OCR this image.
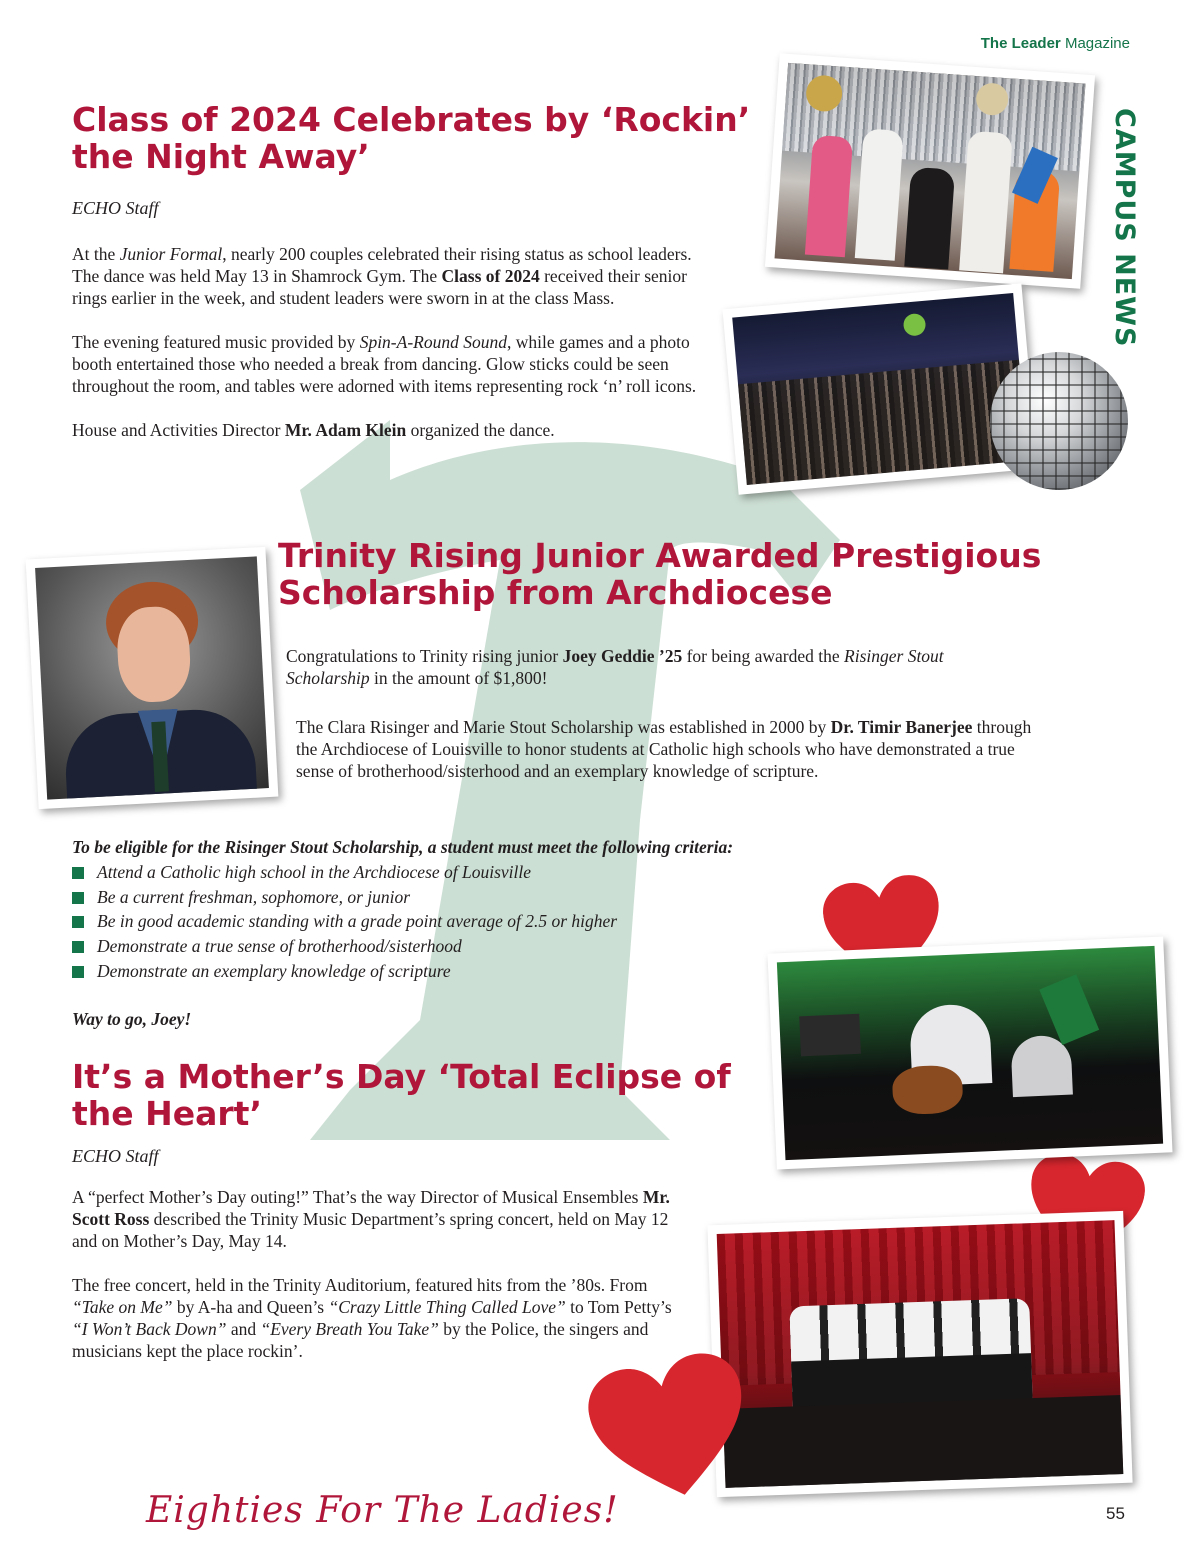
The Leader Magazine
CAMPUS NEWS
Class of 2024 Celebrates by ‘Rockin’
the Night Away’
ECHO Staff

At the Junior Formal, nearly 200 couples celebrated their rising status as school leaders. The dance was held May 13 in Shamrock Gym. The Class of 2024 received their senior rings earlier in the week, and student leaders were sworn in at the class Mass.

The evening featured music provided by Spin-A-Round Sound, while games and a photo booth entertained those who needed a break from dancing. Glow sticks could be seen throughout the room, and tables were adorned with items representing rock ‘n’ roll icons.

House and Activities Director Mr. Adam Klein organized the dance.

Trinity Rising Junior Awarded Prestigious
Scholarship from Archdiocese

Congratulations to Trinity rising junior Joey Geddie ’25 for being awarded the Risinger Stout Scholarship in the amount of $1,800!

The Clara Risinger and Marie Stout Scholarship was established in 2000 by Dr. Timir Banerjee through the Archdiocese of Louisville to honor students at Catholic high schools who have demonstrated a true sense of brotherhood/sisterhood and an exemplary knowledge of scripture.

To be eligible for the Risinger Stout Scholarship, a student must meet the following criteria:
Attend a Catholic high school in the Archdiocese of Louisville
Be a current freshman, sophomore, or junior
Be in good academic standing with a grade point average of 2.5 or higher
Demonstrate a true sense of brotherhood/sisterhood
Demonstrate an exemplary knowledge of scripture
Way to go, Joey!
It’s a Mother’s Day ‘Total Eclipse of
the Heart’
ECHO Staff

A “perfect Mother’s Day outing!” That’s the way Director of Musical Ensembles Mr. Scott Ross described the Trinity Music Department’s spring concert, held on May 12 and on Mother’s Day, May 14.

The free concert, held in the Trinity Auditorium, featured hits from the ’80s. From “Take on Me” by A-ha and Queen’s “Crazy Little Thing Called Love” to Tom Petty’s “I Won’t Back Down” and “Every Breath You Take” by the Police, the singers and musicians kept the place rockin’.

Eighties For The Ladies!	55
